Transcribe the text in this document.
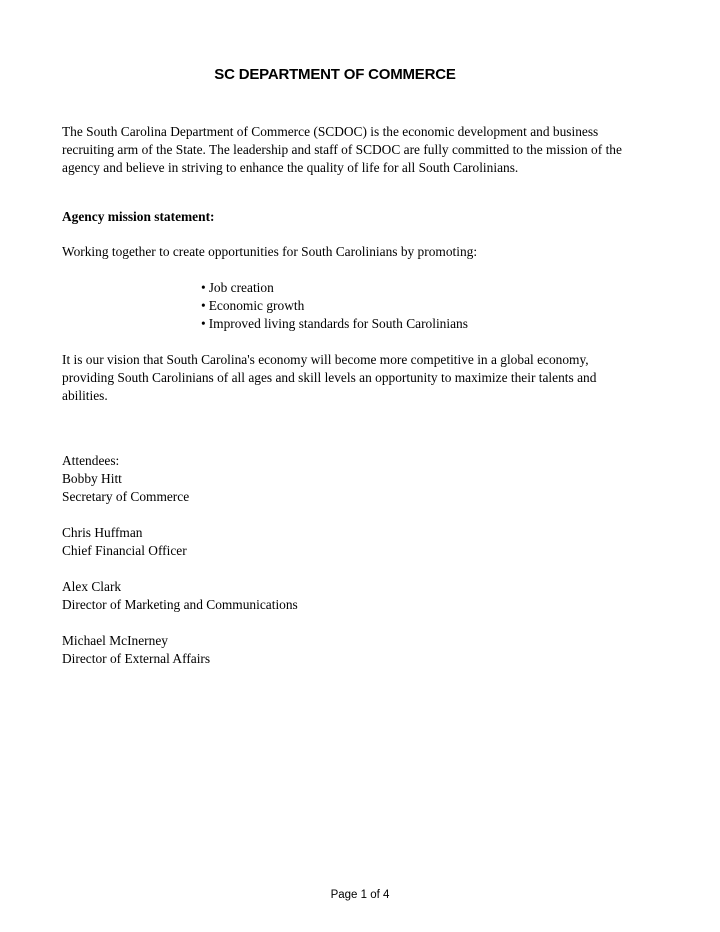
SC DEPARTMENT OF COMMERCE
The South Carolina Department of Commerce (SCDOC) is the economic development and business recruiting arm of the State. The leadership and staff of SCDOC are fully committed to the mission of the agency and believe in striving to enhance the quality of life for all South Carolinians.
Agency mission statement:
Working together to create opportunities for South Carolinians by promoting:
• Job creation
• Economic growth
• Improved living standards for South Carolinians
It is our vision that South Carolina's economy will become more competitive in a global economy, providing South Carolinians of all ages and skill levels an opportunity to maximize their talents and abilities.
Attendees:
Bobby Hitt
Secretary of Commerce
Chris Huffman
Chief Financial Officer
Alex Clark
Director of Marketing and Communications
Michael McInerney
Director of External Affairs
Page 1 of 4
